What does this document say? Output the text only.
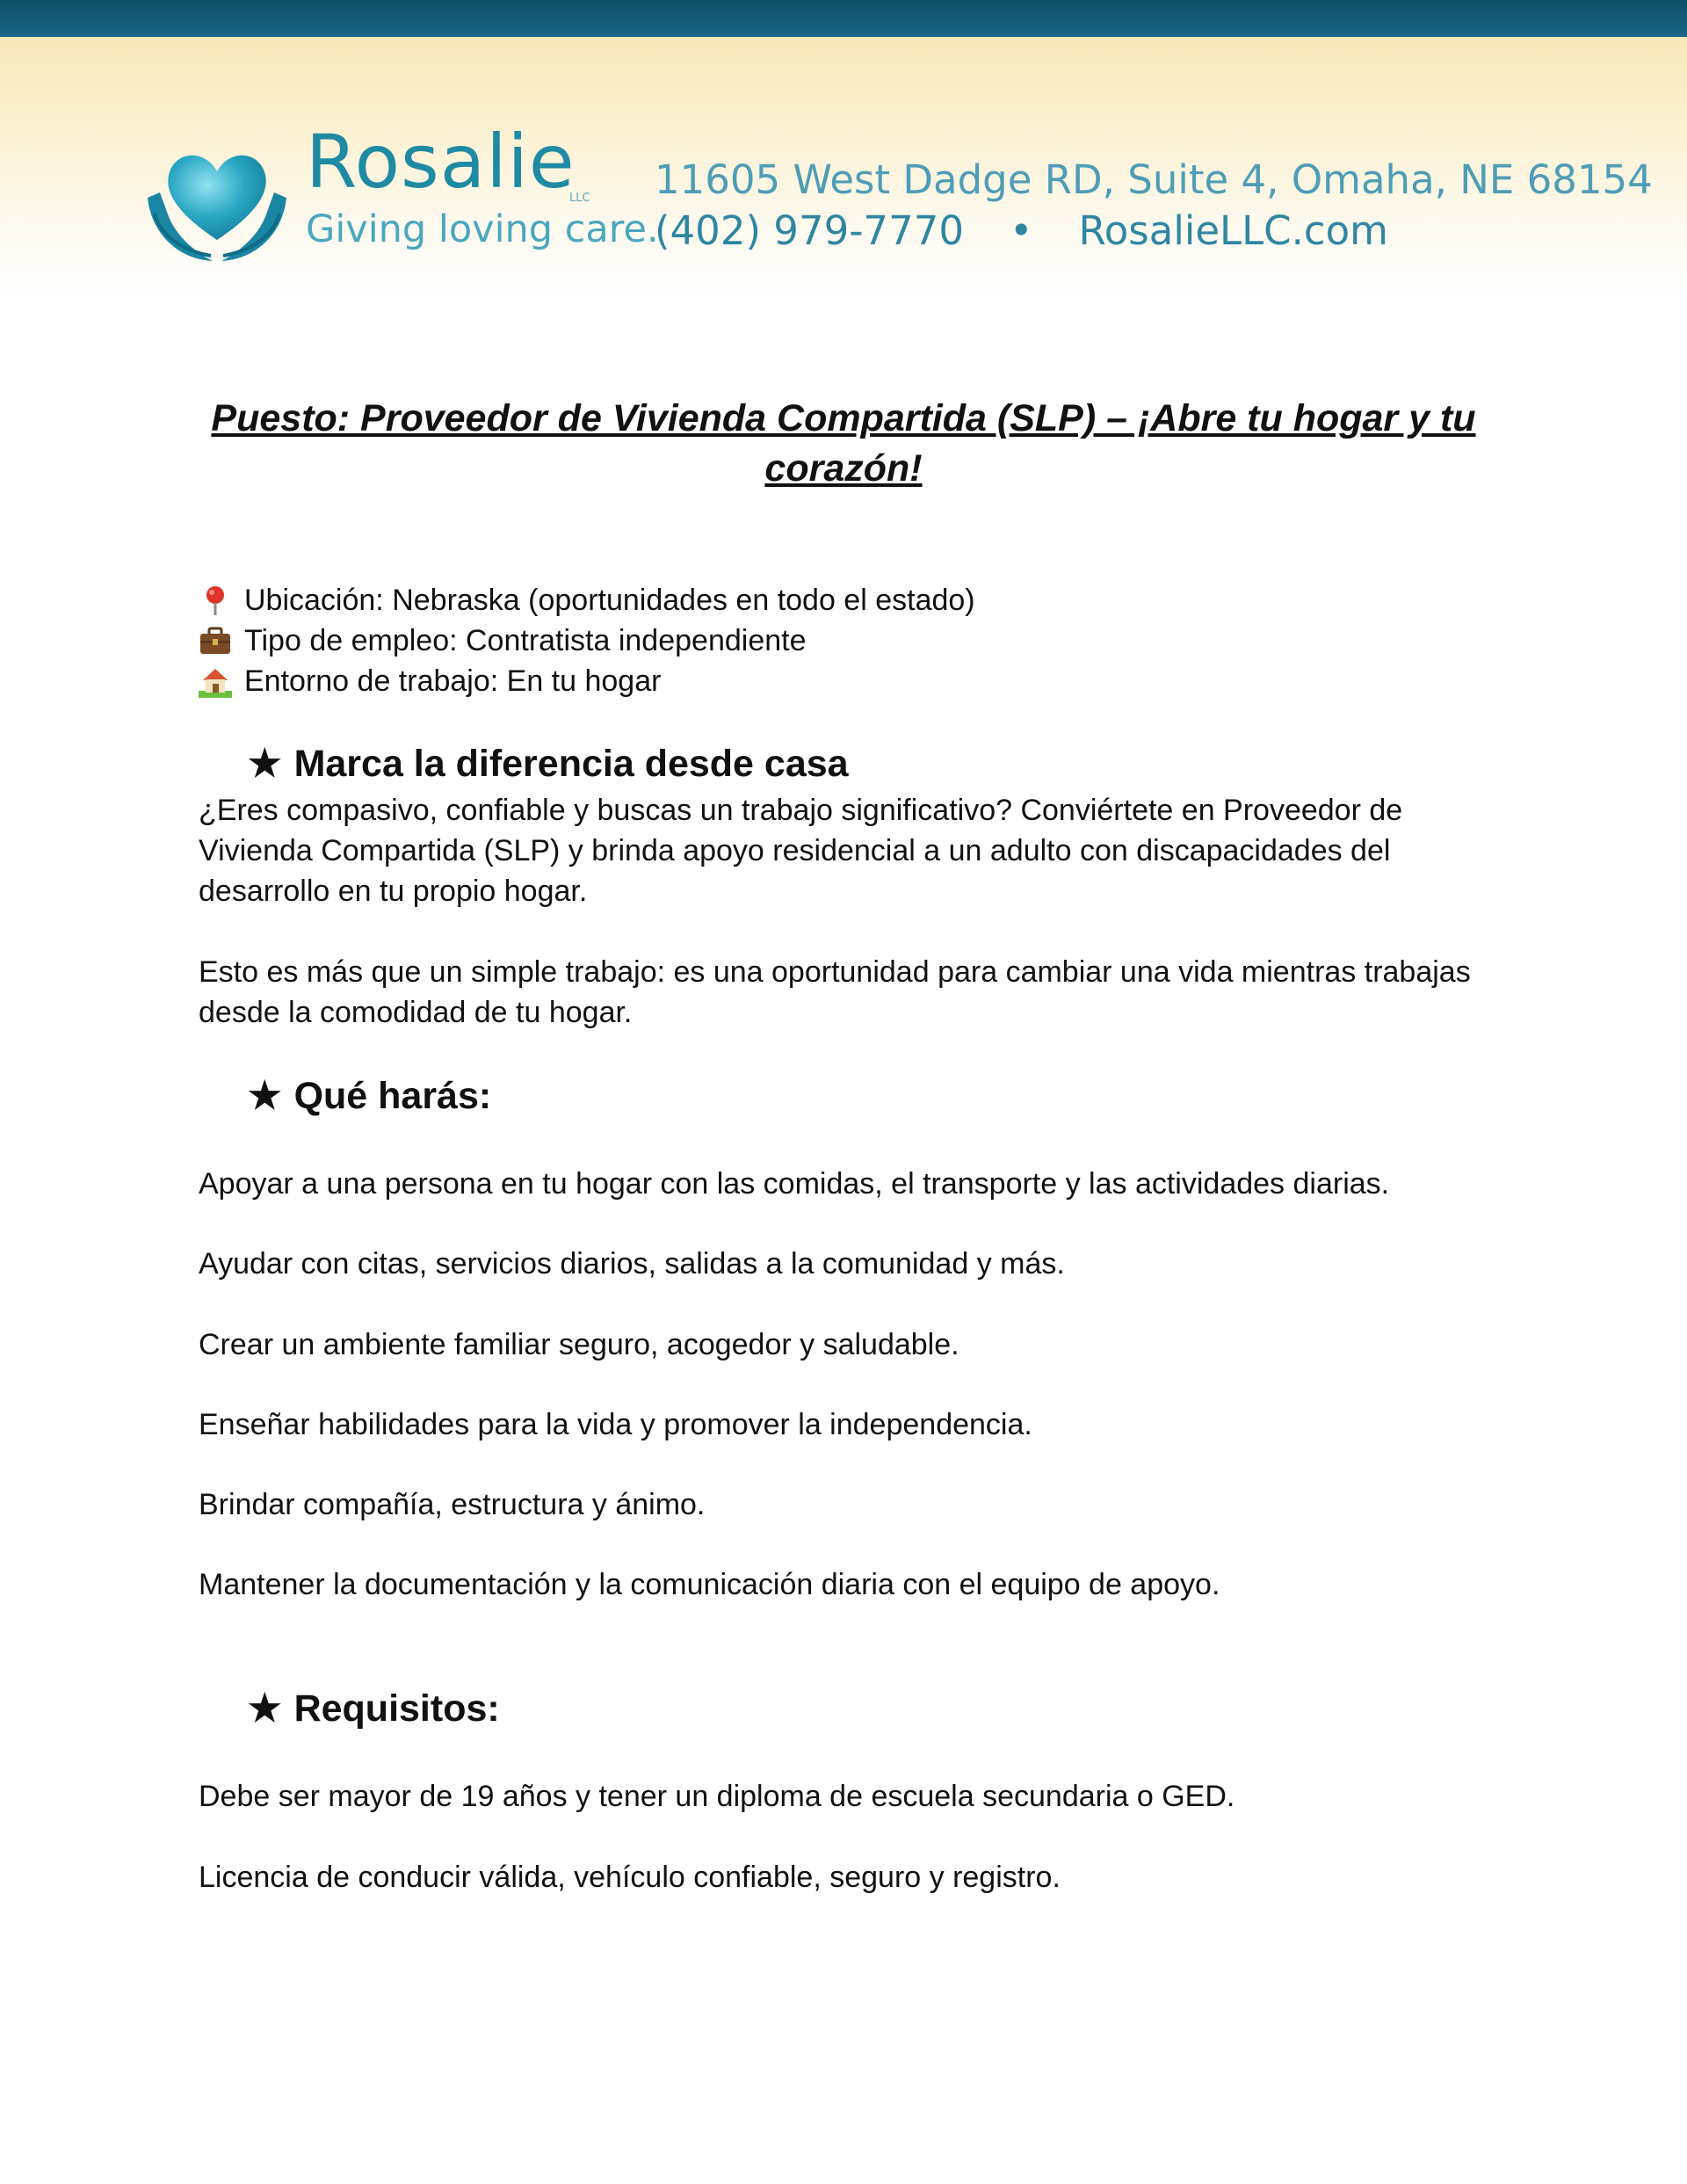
Rosalie
LLC
Giving loving care.
11605 West Dadge RD, Suite 4, Omaha, NE 68154
(402) 979-7770 • RosalieLLC.com
Puesto: Proveedor de Vivienda Compartida (SLP) – ¡Abre tu hogar y tu corazón!
Ubicación: Nebraska (oportunidades en todo el estado)
Tipo de empleo: Contratista independiente
Entorno de trabajo: En tu hogar
★ Marca la diferencia desde casa
¿Eres compasivo, confiable y buscas un trabajo significativo? Conviértete en Proveedor de Vivienda Compartida (SLP) y brinda apoyo residencial a un adulto con discapacidades del desarrollo en tu propio hogar.
Esto es más que un simple trabajo: es una oportunidad para cambiar una vida mientras trabajas desde la comodidad de tu hogar.
★ Qué harás:
Apoyar a una persona en tu hogar con las comidas, el transporte y las actividades diarias.
Ayudar con citas, servicios diarios, salidas a la comunidad y más.
Crear un ambiente familiar seguro, acogedor y saludable.
Enseñar habilidades para la vida y promover la independencia.
Brindar compañía, estructura y ánimo.
Mantener la documentación y la comunicación diaria con el equipo de apoyo.
★ Requisitos:
Debe ser mayor de 19 años y tener un diploma de escuela secundaria o GED.
Licencia de conducir válida, vehículo confiable, seguro y registro.
